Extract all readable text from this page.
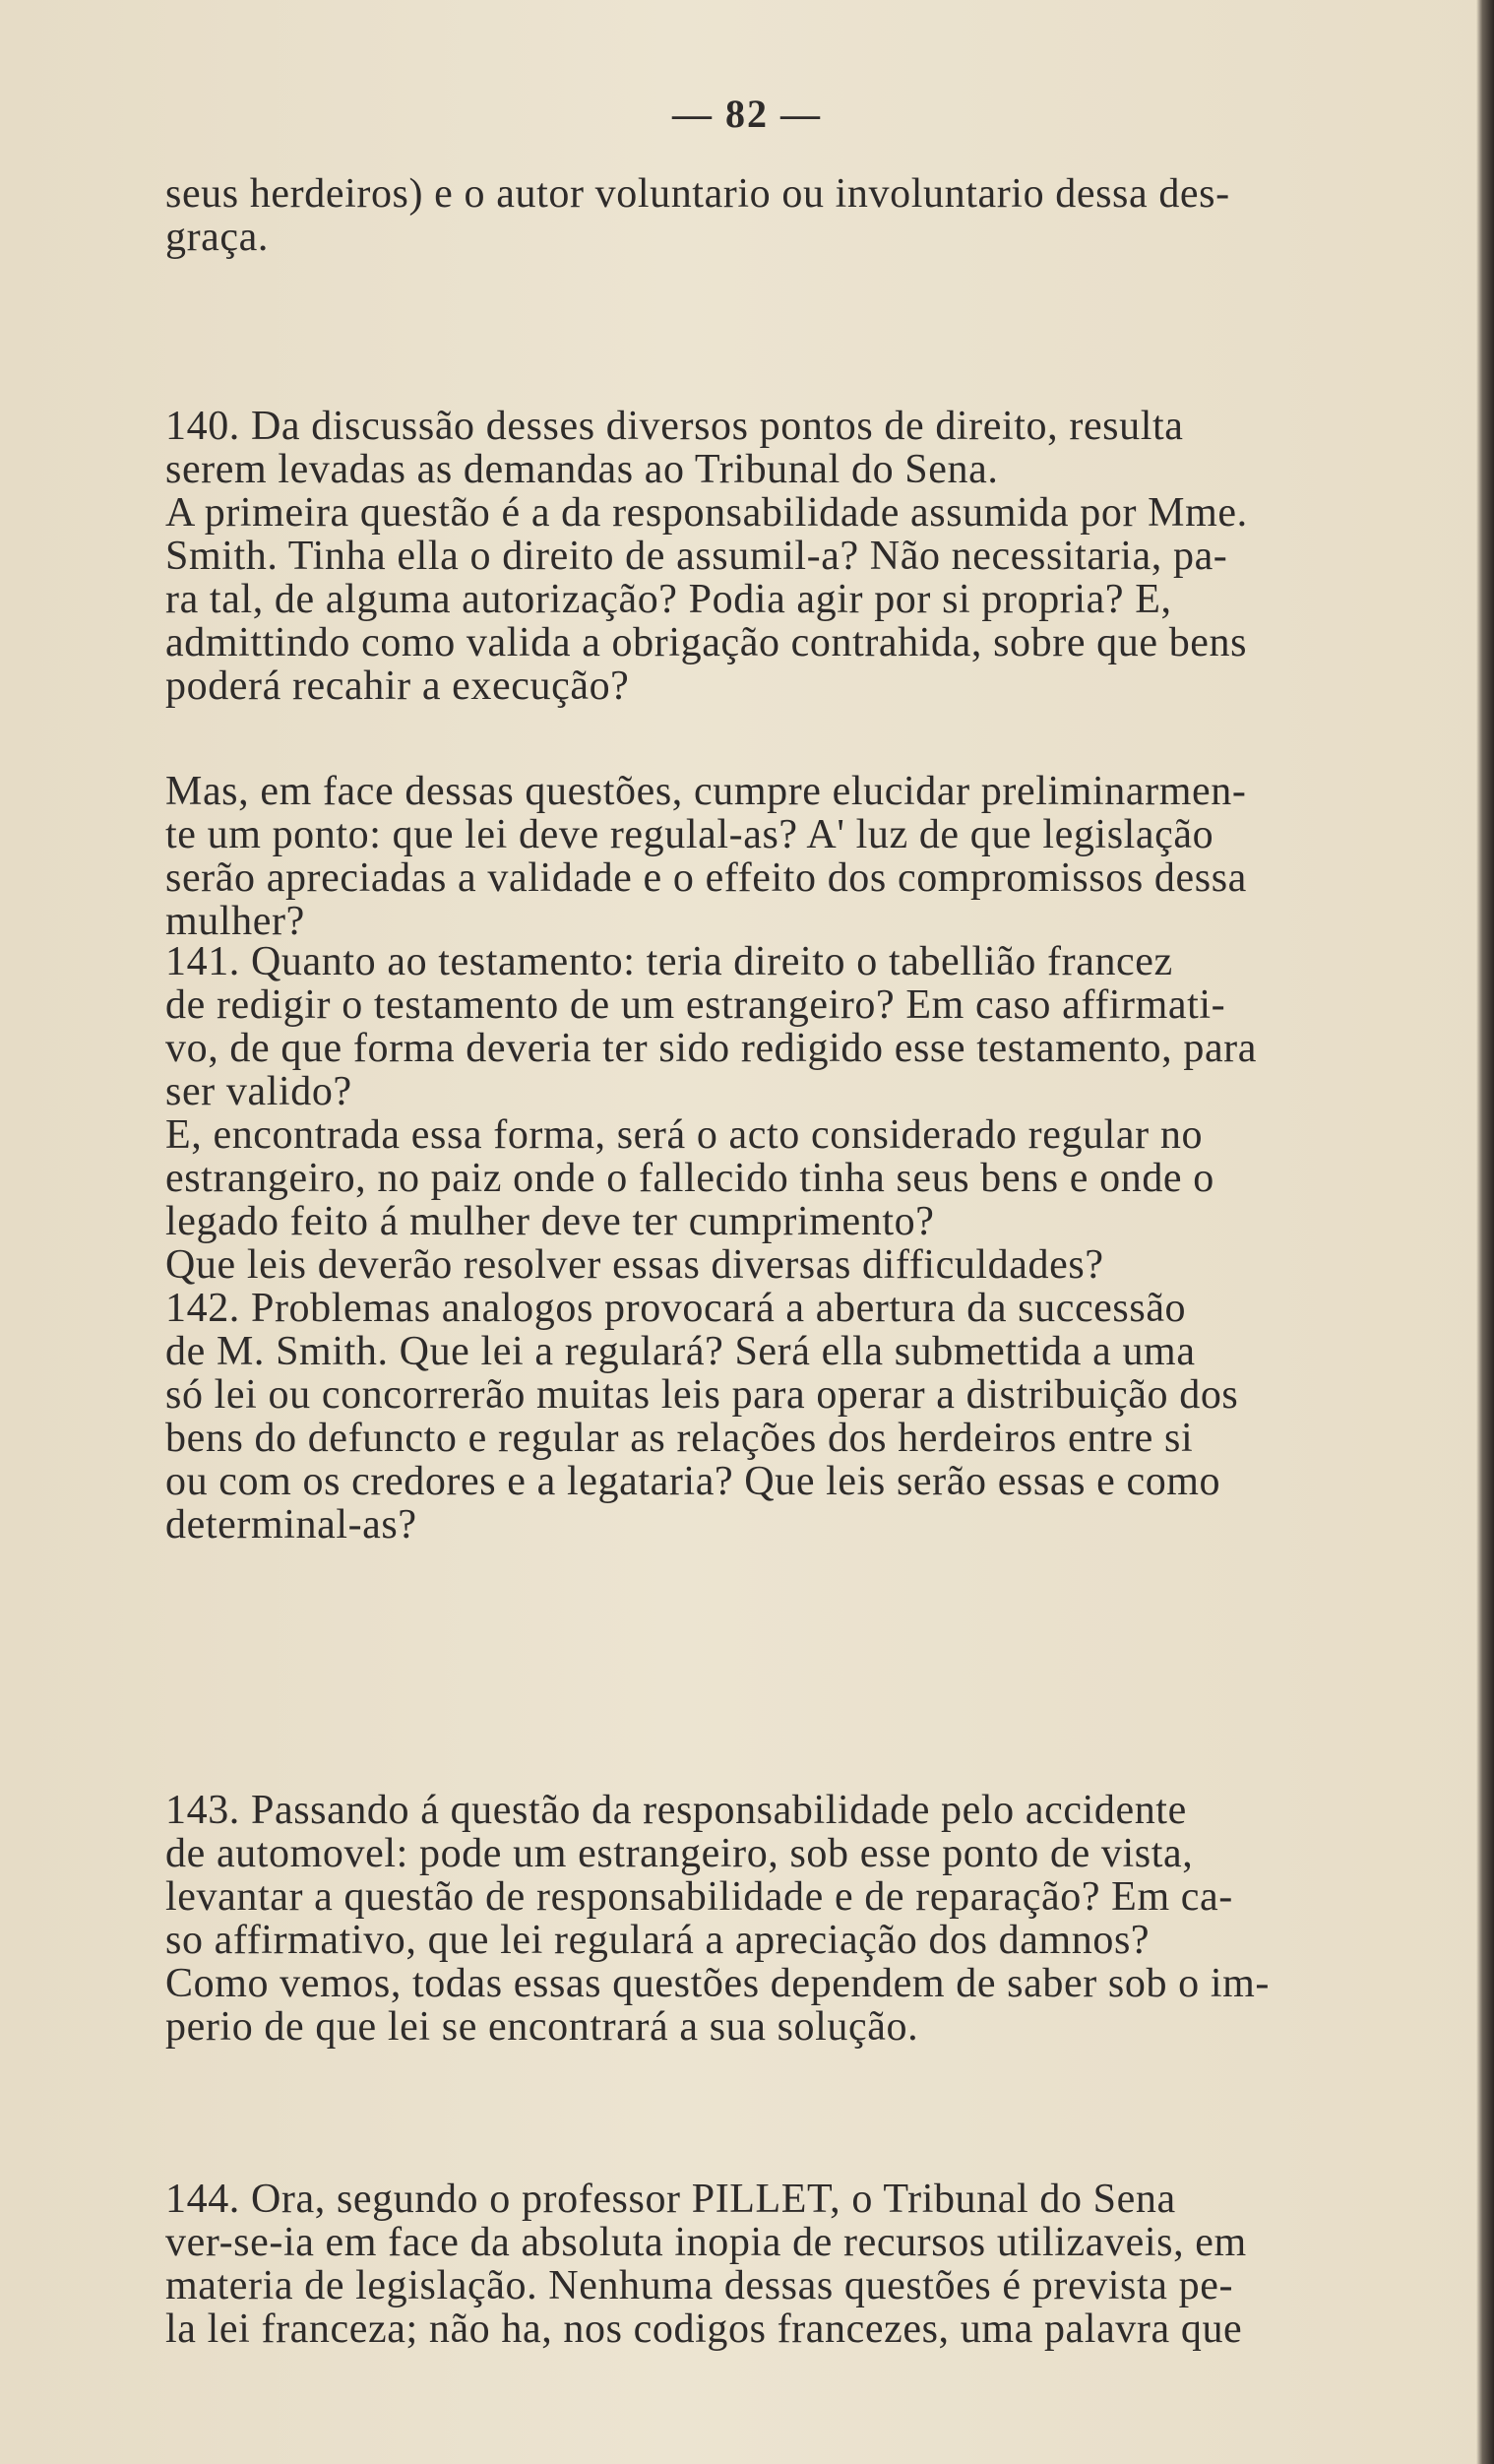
— 82 —
seus herdeiros) e o autor voluntario ou involuntario dessa des-
graça.
140. Da discussão desses diversos pontos de direito, resulta
serem levadas as demandas ao Tribunal do Sena.
A primeira questão é a da responsabilidade assumida por Mme.
Smith. Tinha ella o direito de assumil-a? Não necessitaria, pa-
ra tal, de alguma autorização? Podia agir por si propria? E,
admittindo como valida a obrigação contrahida, sobre que bens
poderá recahir a execução?
Mas, em face dessas questões, cumpre elucidar preliminarmen-
te um ponto: que lei deve regulal-as? A' luz de que legislação
serão apreciadas a validade e o effeito dos compromissos dessa
mulher?
141. Quanto ao testamento: teria direito o tabellião francez
de redigir o testamento de um estrangeiro? Em caso affirmati-
vo, de que forma deveria ter sido redigido esse testamento, para
ser valido?
E, encontrada essa forma, será o acto considerado regular no
estrangeiro, no paiz onde o fallecido tinha seus bens e onde o
legado feito á mulher deve ter cumprimento?
Que leis deverão resolver essas diversas difficuldades?
142. Problemas analogos provocará a abertura da successão
de M. Smith. Que lei a regulará? Será ella submettida a uma
só lei ou concorrerão muitas leis para operar a distribuição dos
bens do defuncto e regular as relações dos herdeiros entre si
ou com os credores e a legataria? Que leis serão essas e como
determinal-as?
143. Passando á questão da responsabilidade pelo accidente
de automovel: pode um estrangeiro, sob esse ponto de vista,
levantar a questão de responsabilidade e de reparação? Em ca-
so affirmativo, que lei regulará a apreciação dos damnos?
Como vemos, todas essas questões dependem de saber sob o im-
perio de que lei se encontrará a sua solução.
144. Ora, segundo o professor PILLET, o Tribunal do Sena
ver-se-ia em face da absoluta inopia de recursos utilizaveis, em
materia de legislação. Nenhuma dessas questões é prevista pe-
la lei franceza; não ha, nos codigos francezes, uma palavra que
